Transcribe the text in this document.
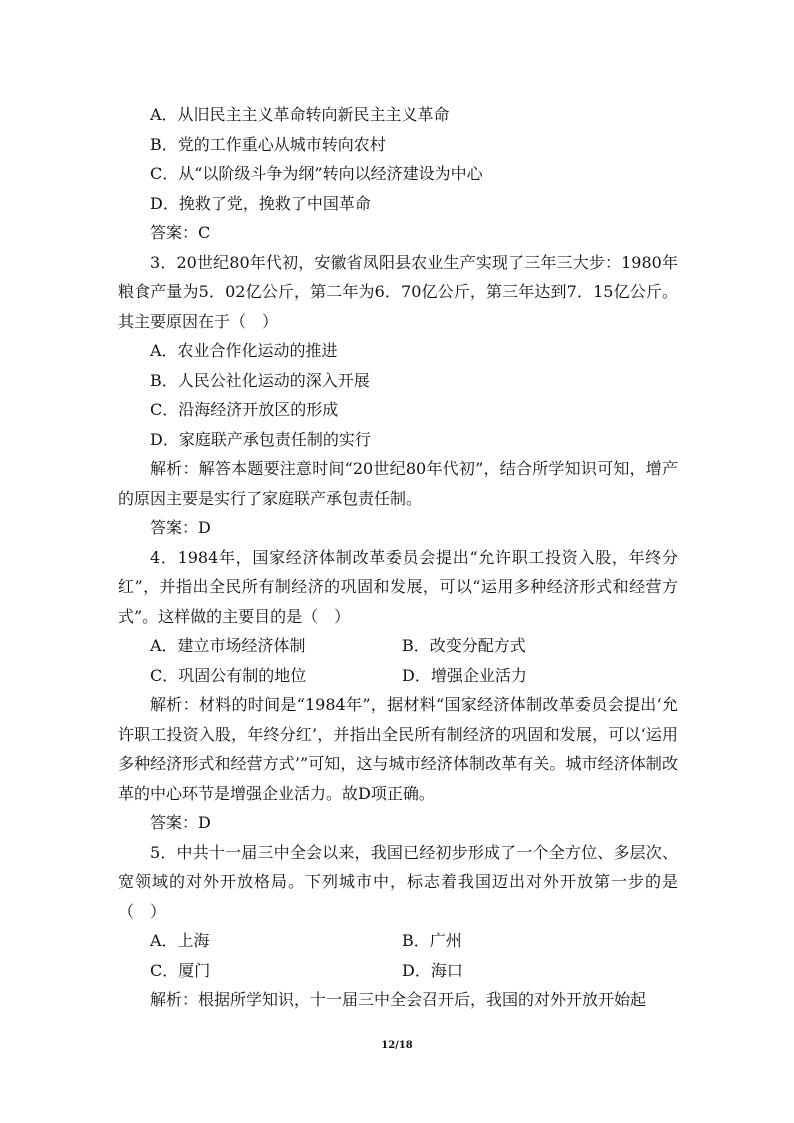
A．从旧民主主义革命转向新民主主义革命
B．党的工作重心从城市转向农村
C．从“以阶级斗争为纲”转向以经济建设为中心
D．挽救了党，挽救了中国革命
答案：C
3．20世纪80年代初，安徽省凤阳县农业生产实现了三年三大步：1980年粮食产量为5．02亿公斤，第二年为6．70亿公斤，第三年达到7．15亿公斤。其主要原因在于（　）
A．农业合作化运动的推进
B．人民公社化运动的深入开展
C．沿海经济开放区的形成
D．家庭联产承包责任制的实行
解析：解答本题要注意时间“20世纪80年代初”，结合所学知识可知，增产的原因主要是实行了家庭联产承包责任制。
答案：D
4．1984年，国家经济体制改革委员会提出“允许职工投资入股，年终分红”，并指出全民所有制经济的巩固和发展，可以“运用多种经济形式和经营方式”。这样做的主要目的是（　）
A．建立市场经济体制	B．改变分配方式
C．巩固公有制的地位	D．增强企业活力
解析：材料的时间是“1984年”，据材料“国家经济体制改革委员会提出‘允许职工投资入股，年终分红’，并指出全民所有制经济的巩固和发展，可以‘运用多种经济形式和经营方式’”可知，这与城市经济体制改革有关。城市经济体制改革的中心环节是增强企业活力。故D项正确。
答案：D
5．中共十一届三中全会以来，我国已经初步形成了一个全方位、多层次、宽领域的对外开放格局。下列城市中，标志着我国迈出对外开放第一步的是（　）
A．上海	B．广州
C．厦门	D．海口
解析：根据所学知识，十一届三中全会召开后，我国的对外开放开始起
12/18
